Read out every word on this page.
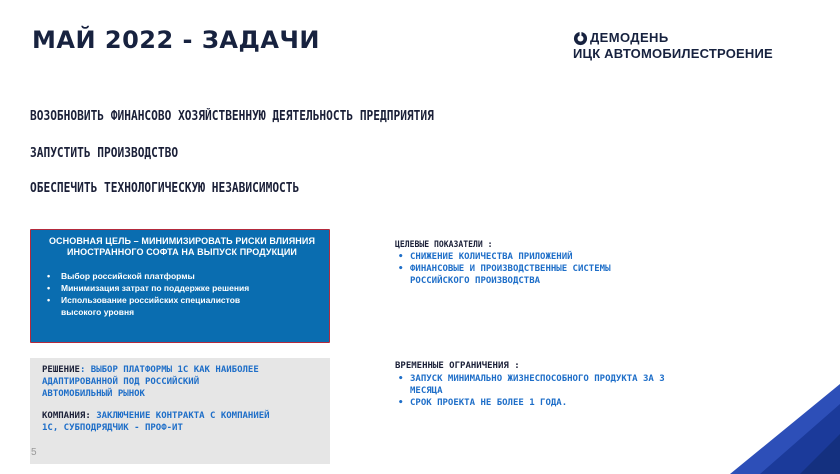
МАЙ 2022 - ЗАДАЧИ	ДЕМОДЕНЬ
ИЦК АВТОМОБИЛЕСТРОЕНИЕ
ВОЗОБНОВИТЬ ФИНАНСОВО ХОЗЯЙСТВЕННУЮ ДЕЯТЕЛЬНОСТЬ ПРЕДПРИЯТИЯ
ЗАПУСТИТЬ ПРОИЗВОДСТВО
ОБЕСПЕЧИТЬ ТЕХНОЛОГИЧЕСКУЮ НЕЗАВИСИМОСТЬ
ОСНОВНАЯ ЦЕЛЬ – МИНИМИЗИРОВАТЬ РИСКИ ВЛИЯНИЯ
ИНОСТРАННОГО СОФТА НА ВЫПУСК ПРОДУКЦИИ
• Выбор российской платформы
• Минимизация затрат по поддержке решения
• Использование российских специалистов
высокого уровня
ЦЕЛЕВЫЕ ПОКАЗАТЕЛИ :
• СНИЖЕНИЕ КОЛИЧЕСТВА ПРИЛОЖЕНИЙ
• ФИНАНСОВЫЕ И ПРОИЗВОДСТВЕННЫЕ СИСТЕМЫ
РОССИЙСКОГО ПРОИЗВОДСТВА

РЕШЕНИЕ: ВЫБОР ПЛАТФОРМЫ 1С КАК НАИБОЛЕЕ
АДАПТИРОВАННОЙ ПОД РОССИЙСКИЙ
АВТОМОБИЛЬНЫЙ РЫНОК

КОМПАНИЯ: ЗАКЛЮЧЕНИЕ КОНТРАКТА С КОМПАНИЕЙ
1С, СУБПОДРЯДЧИК - ПРОФ-ИТ

ВРЕМЕННЫЕ ОГРАНИЧЕНИЯ :
• ЗАПУСК МИНИМАЛЬНО ЖИЗНЕСПОСОБНОГО ПРОДУКТА ЗА 3
МЕСЯЦА
• СРОК ПРОЕКТА НЕ БОЛЕЕ 1 ГОДА.
5
